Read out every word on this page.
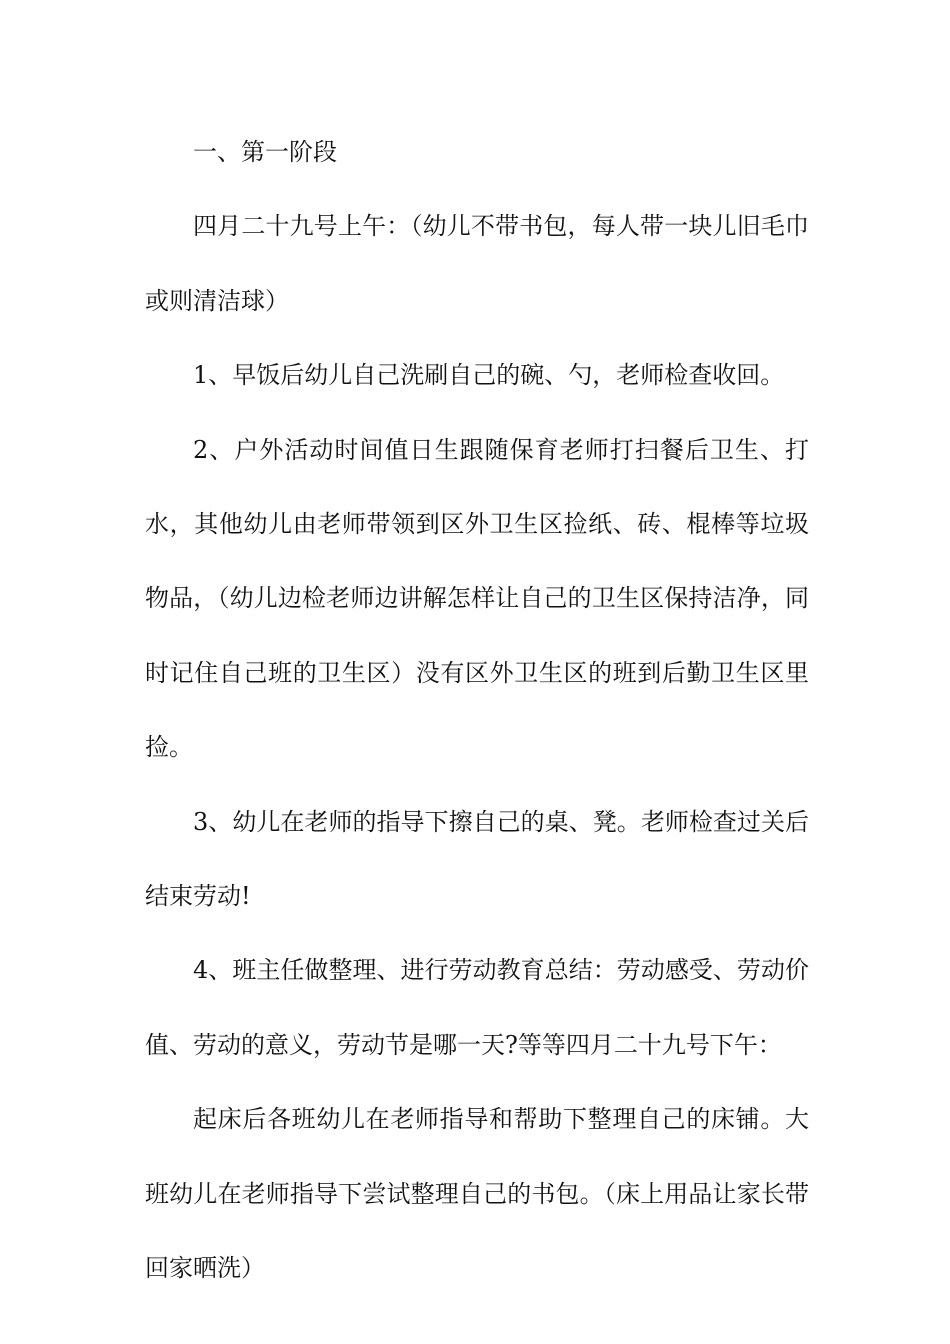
一、第一阶段

四月二十九号上午：（幼儿不带书包，每人带一块儿旧毛巾或则清洁球）

1、早饭后幼儿自己洗刷自己的碗、勺，老师检查收回。

2、户外活动时间值日生跟随保育老师打扫餐后卫生、打水，其他幼儿由老师带领到区外卫生区捡纸、砖、棍棒等垃圾物品，（幼儿边检老师边讲解怎样让自己的卫生区保持洁净，同时记住自己班的卫生区）没有区外卫生区的班到后勤卫生区里捡。

3、幼儿在老师的指导下擦自己的桌、凳。老师检查过关后结束劳动!

4、班主任做整理、进行劳动教育总结：劳动感受、劳动价值、劳动的意义，劳动节是哪一天?等等四月二十九号下午：

起床后各班幼儿在老师指导和帮助下整理自己的床铺。大班幼儿在老师指导下尝试整理自己的书包。（床上用品让家长带回家晒洗）
